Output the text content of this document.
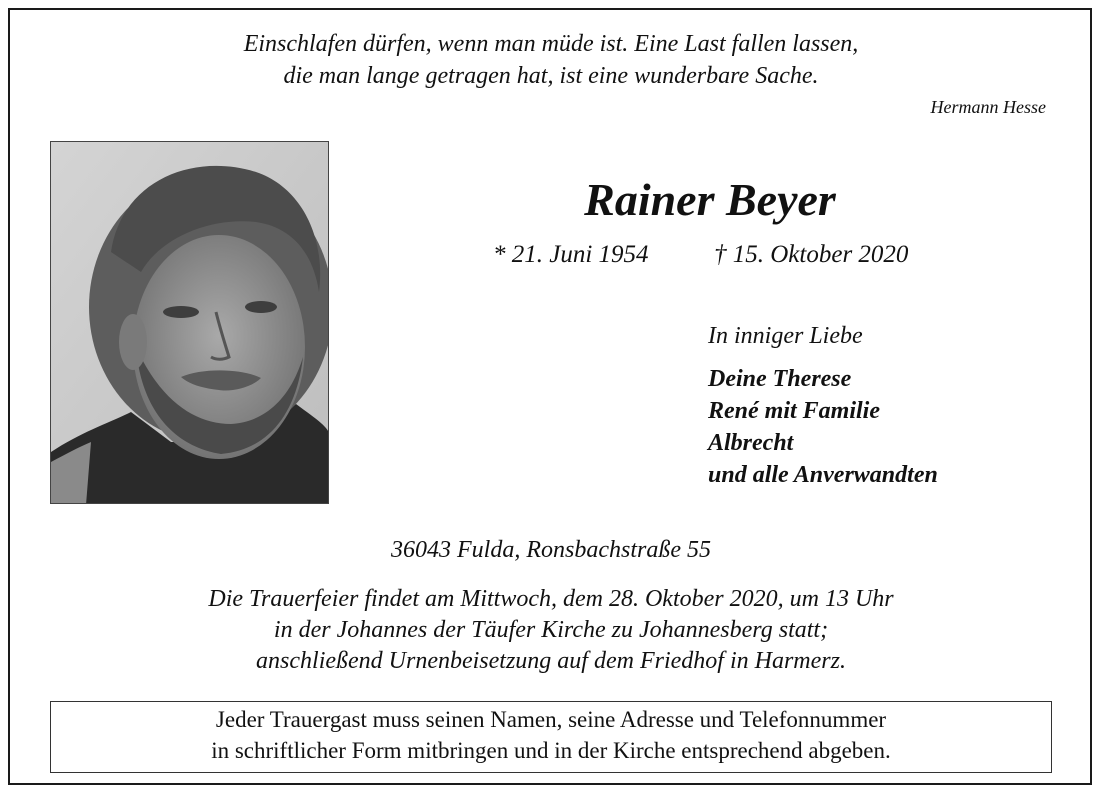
Einschlafen dürfen, wenn man müde ist. Eine Last fallen lassen,
die man lange getragen hat, ist eine wunderbare Sache.
Hermann Hesse
Rainer Beyer
* 21. Juni 1954	† 15. Oktober 2020
In inniger Liebe
Deine Therese
René mit Familie
Albrecht
und alle Anverwandten
36043 Fulda, Ronsbachstraße 55
Die Trauerfeier findet am Mittwoch, dem 28. Oktober 2020, um 13 Uhr
in der Johannes der Täufer Kirche zu Johannesberg statt;
anschließend Urnenbeisetzung auf dem Friedhof in Harmerz.
Jeder Trauergast muss seinen Namen, seine Adresse und Telefonnummer
in schriftlicher Form mitbringen und in der Kirche entsprechend abgeben.
